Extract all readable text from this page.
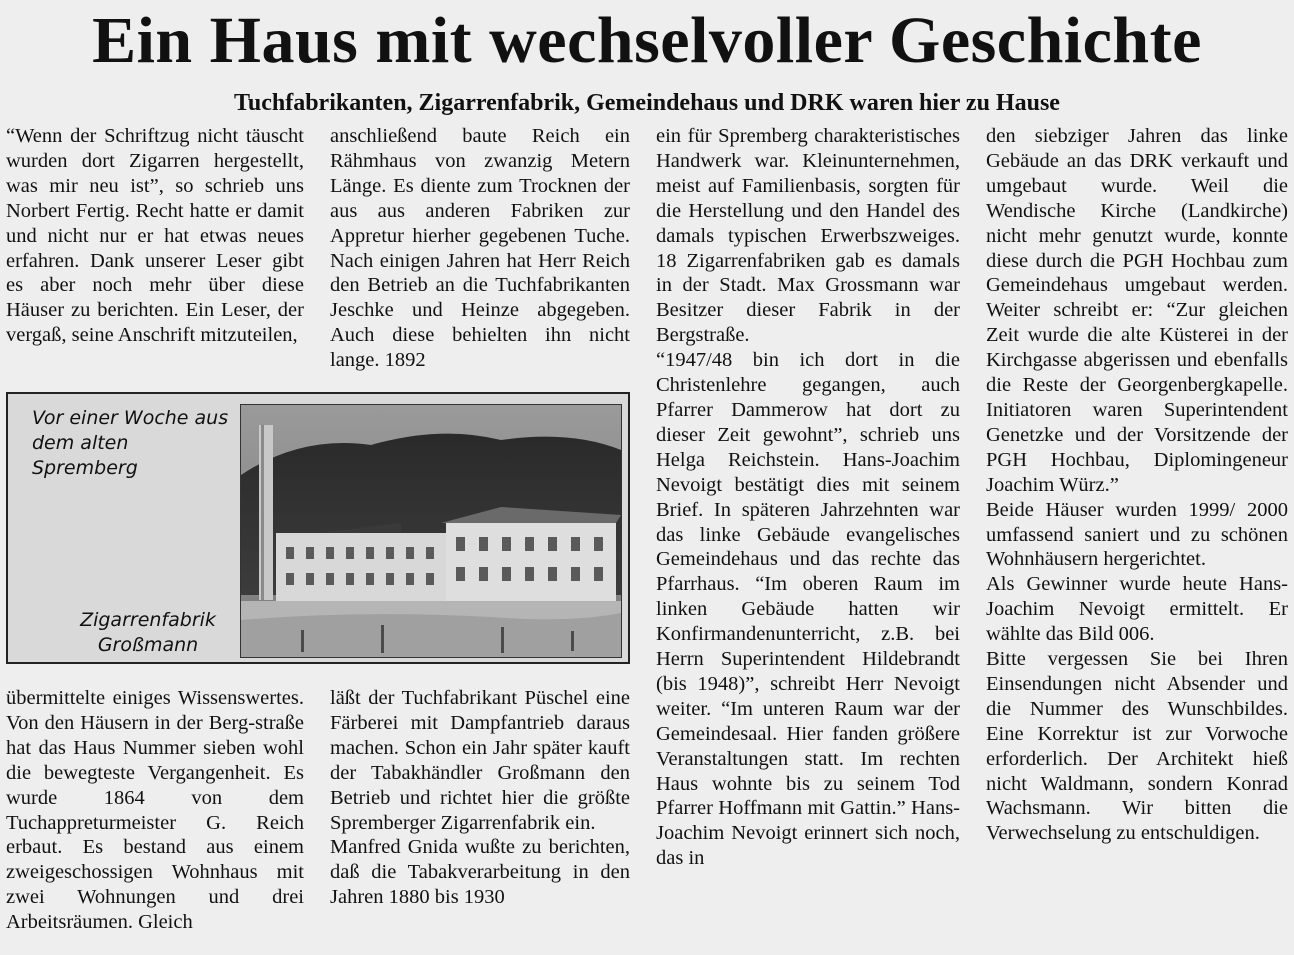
Ein Haus mit wechselvoller Geschichte
Tuchfabrikanten, Zigarrenfabrik, Gemeindehaus und DRK waren hier zu Hause

“Wenn der Schriftzug nicht täuscht wurden dort Zigarren hergestellt, was mir neu ist”, so schrieb uns Norbert Fertig. Recht hatte er damit und nicht nur er hat etwas neues erfahren. Dank unserer Leser gibt es aber noch mehr über diese Häuser zu berichten. Ein Leser, der vergaß, seine Anschrift mitzuteilen,

anschließend baute Reich ein Rähmhaus von zwanzig Metern Länge. Es diente zum Trocknen der aus aus anderen Fabriken zur Appretur hierher gegebenen Tuche. Nach einigen Jahren hat Herr Reich den Betrieb an die Tuchfabrikanten Jeschke und Heinze abgegeben. Auch diese behielten ihn nicht lange. 1892

Vor einer Woche aus dem alten Spremberg
Zigarrenfabrik Großmann

übermittelte einiges Wissenswertes. Von den Häusern in der Berg-straße hat das Haus Nummer sieben wohl die bewegteste Vergangenheit. Es wurde 1864 von dem Tuchappreturmeister G. Reich erbaut. Es bestand aus einem zweigeschossigen Wohnhaus mit zwei Wohnungen und drei Arbeitsräumen. Gleich

läßt der Tuchfabrikant Püschel eine Färberei mit Dampfantrieb daraus machen. Schon ein Jahr später kauft der Tabakhändler Großmann den Betrieb und richtet hier die größte Spremberger Zigarrenfabrik ein.

Manfred Gnida wußte zu berichten, daß die Tabakverarbeitung in den Jahren 1880 bis 1930

ein für Spremberg charakteristisches Handwerk war. Kleinunternehmen, meist auf Familienbasis, sorgten für die Herstellung und den Handel des damals typischen Erwerbszweiges. 18 Zigarrenfabriken gab es damals in der Stadt. Max Grossmann war Besitzer dieser Fabrik in der Bergstraße.

“1947/48 bin ich dort in die Christenlehre gegangen, auch Pfarrer Dammerow hat dort zu dieser Zeit gewohnt”, schrieb uns Helga Reichstein. Hans-Joachim Nevoigt bestätigt dies mit seinem Brief. In späteren Jahrzehnten war das linke Gebäude evangelisches Gemeindehaus und das rechte das Pfarrhaus. “Im oberen Raum im linken Gebäude hatten wir Konfirmandenunterricht, z.B. bei Herrn Superintendent Hildebrandt (bis 1948)”, schreibt Herr Nevoigt weiter. “Im unteren Raum war der Gemeindesaal. Hier fanden größere Veranstaltungen statt. Im rechten Haus wohnte bis zu seinem Tod Pfarrer Hoffmann mit Gattin.” Hans-Joachim Nevoigt erinnert sich noch, das in

den siebziger Jahren das linke Gebäude an das DRK verkauft und umgebaut wurde. Weil die Wendische Kirche (Landkirche) nicht mehr genutzt wurde, konnte diese durch die PGH Hochbau zum Gemeindehaus umgebaut werden. Weiter schreibt er: “Zur gleichen Zeit wurde die alte Küsterei in der Kirchgasse abgerissen und ebenfalls die Reste der Georgenbergkapelle. Initiatoren waren Superintendent Genetzke und der Vorsitzende der PGH Hochbau, Diplomingeneur Joachim Würz.”

Beide Häuser wurden 1999/ 2000 umfassend saniert und zu schönen Wohnhäusern hergerichtet.

Als Gewinner wurde heute Hans-Joachim Nevoigt ermittelt. Er wählte das Bild 006.

Bitte vergessen Sie bei Ihren Einsendungen nicht Absender und die Nummer des Wunschbildes. Eine Korrektur ist zur Vorwoche erforderlich. Der Architekt hieß nicht Waldmann, sondern Konrad Wachsmann. Wir bitten die Verwechselung zu entschuldigen.
